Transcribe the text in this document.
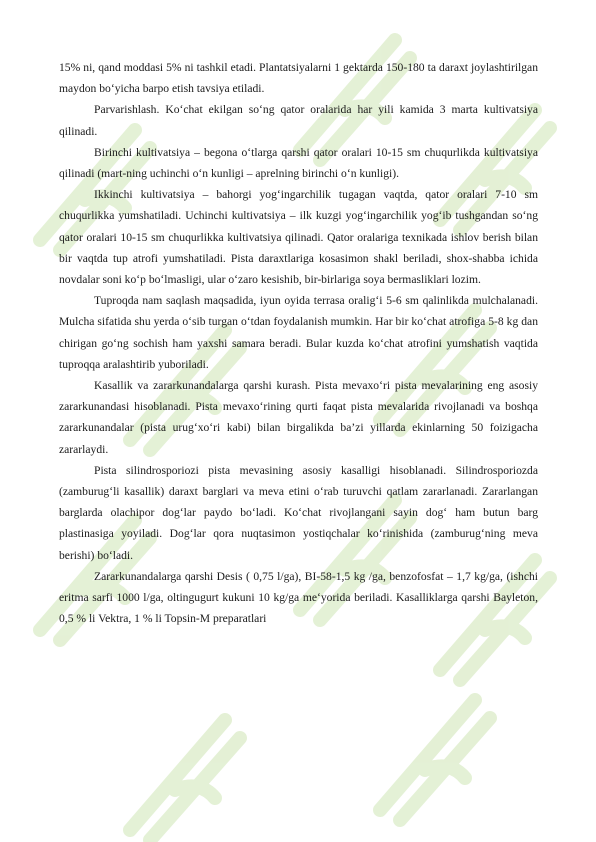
15% ni, qand moddasi 5% ni tashkil etadi. Plantatsiyalarni 1 gektarda 150-180 ta daraxt joylashtirilgan maydon bo‘yicha barpo etish tavsiya etiladi.

Parvarishlash. Ko‘chat ekilgan so‘ng qator oralarida har yili kamida 3 marta kultivatsiya qilinadi.

Birinchi kultivatsiya – begona o‘tlarga qarshi qator oralari 10-15 sm chuqurlikda kultivatsiya qilinadi (mart-ning uchinchi o‘n kunligi – aprelning birinchi o‘n kunligi).

Ikkinchi kultivatsiya – bahorgi yog‘ingarchilik tugagan vaqtda, qator oralari 7-10 sm chuqurlikka yumshatiladi. Uchinchi kultivatsiya – ilk kuzgi yog‘ingarchilik yog‘ib tushgandan so‘ng qator oralari 10-15 sm chuqurlikka kultivatsiya qilinadi. Qator oralariga texnikada ishlov berish bilan bir vaqtda tup atrofi yumshatiladi. Pista daraxtlariga kosasimon shakl beriladi, shox-shabba ichida novdalar soni ko‘p bo‘lmasligi, ular o‘zaro kesishib, bir-birlariga soya bermasliklari lozim.

Tuproqda nam saqlash maqsadida, iyun oyida terrasa oralig‘i 5-6 sm qalinlikda mulchalanadi. Mulcha sifatida shu yerda o‘sib turgan o‘tdan foydalanish mumkin. Har bir ko‘chat atrofiga 5-8 kg dan chirigan go‘ng sochish ham yaxshi samara beradi. Bular kuzda ko‘chat atrofini yumshatish vaqtida tuproqqa aralashtirib yuboriladi.

Kasallik va zararkunandalarga qarshi kurash. Pista mevaxo‘ri pista mevalarining eng asosiy zararkunandasi hisoblanadi. Pista mevaxo‘rining qurti faqat pista mevalarida rivojlanadi va boshqa zararkunandalar (pista urug‘xo‘ri kabi) bilan birgalikda ba’zi yillarda ekinlarning 50 foizigacha zararlaydi.

Pista silindrosporiozi pista mevasining asosiy kasalligi hisoblanadi. Silindrosporiozda (zamburug‘li kasallik) daraxt barglari va meva etini o‘rab turuvchi qatlam zararlanadi. Zararlangan barglarda olachipor dog‘lar paydo bo‘ladi. Ko‘chat rivojlangani sayin dog‘ ham butun barg plastinasiga yoyiladi. Dog‘lar qora nuqtasimon yostiqchalar ko‘rinishida (zamburug‘ning meva berishi) bo‘ladi.

Zararkunandalarga qarshi Desis ( 0,75 l/ga), BI-58-1,5 kg /ga, benzofosfat – 1,7 kg/ga, (ishchi eritma sarfi 1000 l/ga, oltingugurt kukuni 10 kg/ga me‘yorida beriladi. Kasalliklarga qarshi Bayleton, 0,5 % li Vektra, 1 % li Topsin-M preparatlari
